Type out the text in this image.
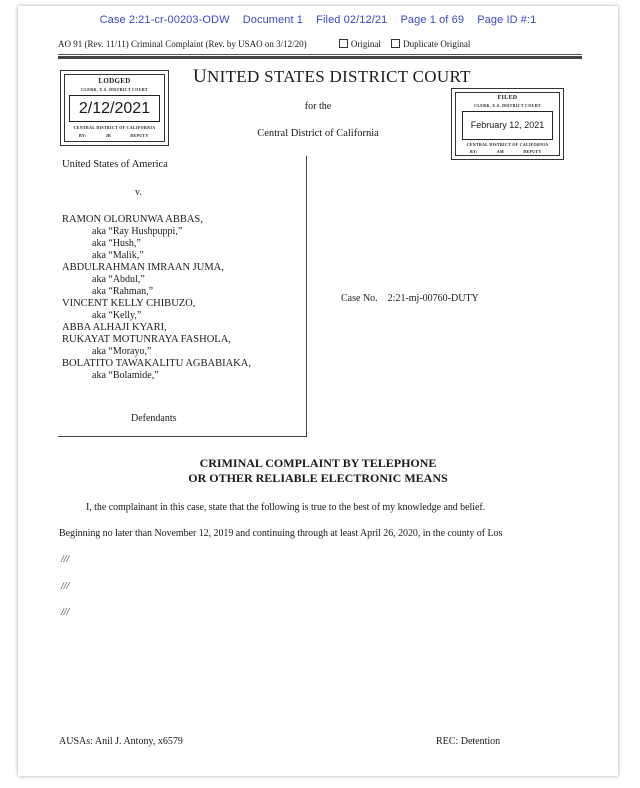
Case 2:21-cr-00203-ODW Document 1 Filed 02/12/21 Page 1 of 69 Page ID #:1
AO 91 (Rev. 11/11) Criminal Complaint (Rev. by USAO on 3/12/20)	Original Duplicate Original
UNITED STATES DISTRICT COURT
for the
Central District of California
LODGED
CLERK, U.S. DISTRICT COURT
2/12/2021
CENTRAL DISTRICT OF CALIFORNIA
BY:	JB	DEPUTY
FILED
CLERK, U.S. DISTRICT COURT
February 12, 2021
CENTRAL DISTRICT OF CALIFORNIA
BY:	AM	DEPUTY
United States of America
v.
RAMON OLORUNWA ABBAS,
aka “Ray Hushpuppi,”
aka “Hush,”
aka “Malik,”
ABDULRAHMAN IMRAAN JUMA,
aka “Abdul,”
aka “Rahman,”
VINCENT KELLY CHIBUZO,
aka “Kelly,”
ABBA ALHAJI KYARI,
RUKAYAT MOTUNRAYA FASHOLA,
aka “Morayo,”
BOLATITO TAWAKALITU AGBABIAKA,
aka “Bolamide,”
Defendants
Case No. 2:21-mj-00760-DUTY
CRIMINAL COMPLAINT BY TELEPHONE
OR OTHER RELIABLE ELECTRONIC MEANS
I, the complainant in this case, state that the following is true to the best of my knowledge and belief.
Beginning no later than November 12, 2019 and continuing through at least April 26, 2020, in the county of Los
///
///
///
AUSAs: Anil J. Antony, x6579	REC: Detention
